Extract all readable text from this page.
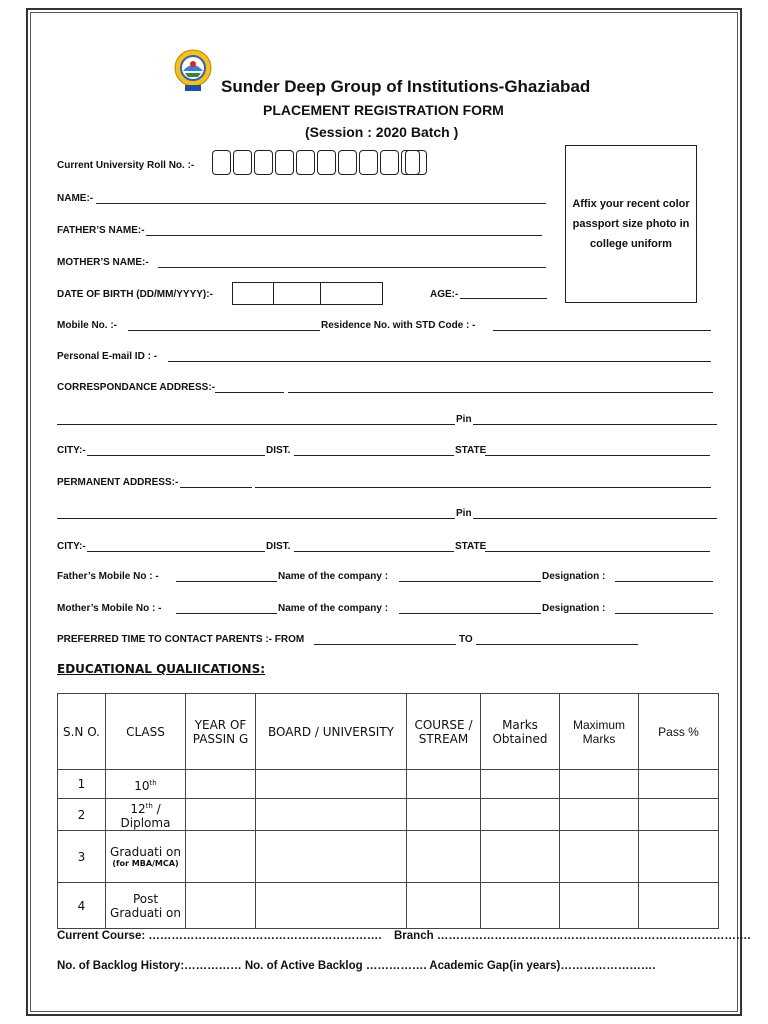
Sunder Deep Group of Institutions-Ghaziabad
PLACEMENT REGISTRATION FORM
(Session : 2020 Batch )
Current University Roll No. :-
Affix your recent color passport size photo in college uniform
NAME:-
FATHER’S NAME:-
MOTHER’S NAME:-
DATE OF BIRTH (DD/MM/YYYY):-	AGE:-
Mobile No. :-	Residence No. with STD Code : -
Personal E-mail ID : -
CORRESPONDANCE ADDRESS:-
Pin
CITY:-	DIST.	STATE
PERMANENT ADDRESS:-
Pin
CITY:-	DIST.	STATE
Father’s Mobile No : -	Name of the company :	Designation :
Mother’s Mobile No : -	Name of the company :	Designation :
PREFERRED TIME TO CONTACT PARENTS :- FROM	TO
EDUCATIONAL QUALIICATIONS:
S.N O.	CLASS	YEAR OF PASSIN G	BOARD / UNIVERSITY	COURSE / STREAM	Marks Obtained	Maximum Marks	Pass %
1	10th						
2	12th / Diploma						
3	Graduati on
(for MBA/MCA)						

4	Post Graduati on						
Current Course: ……………………………………………………. Branch ……………………………………………………………………….
No. of Backlog History:…………… No. of Active Backlog ……………. Academic Gap(in years)…………………….
